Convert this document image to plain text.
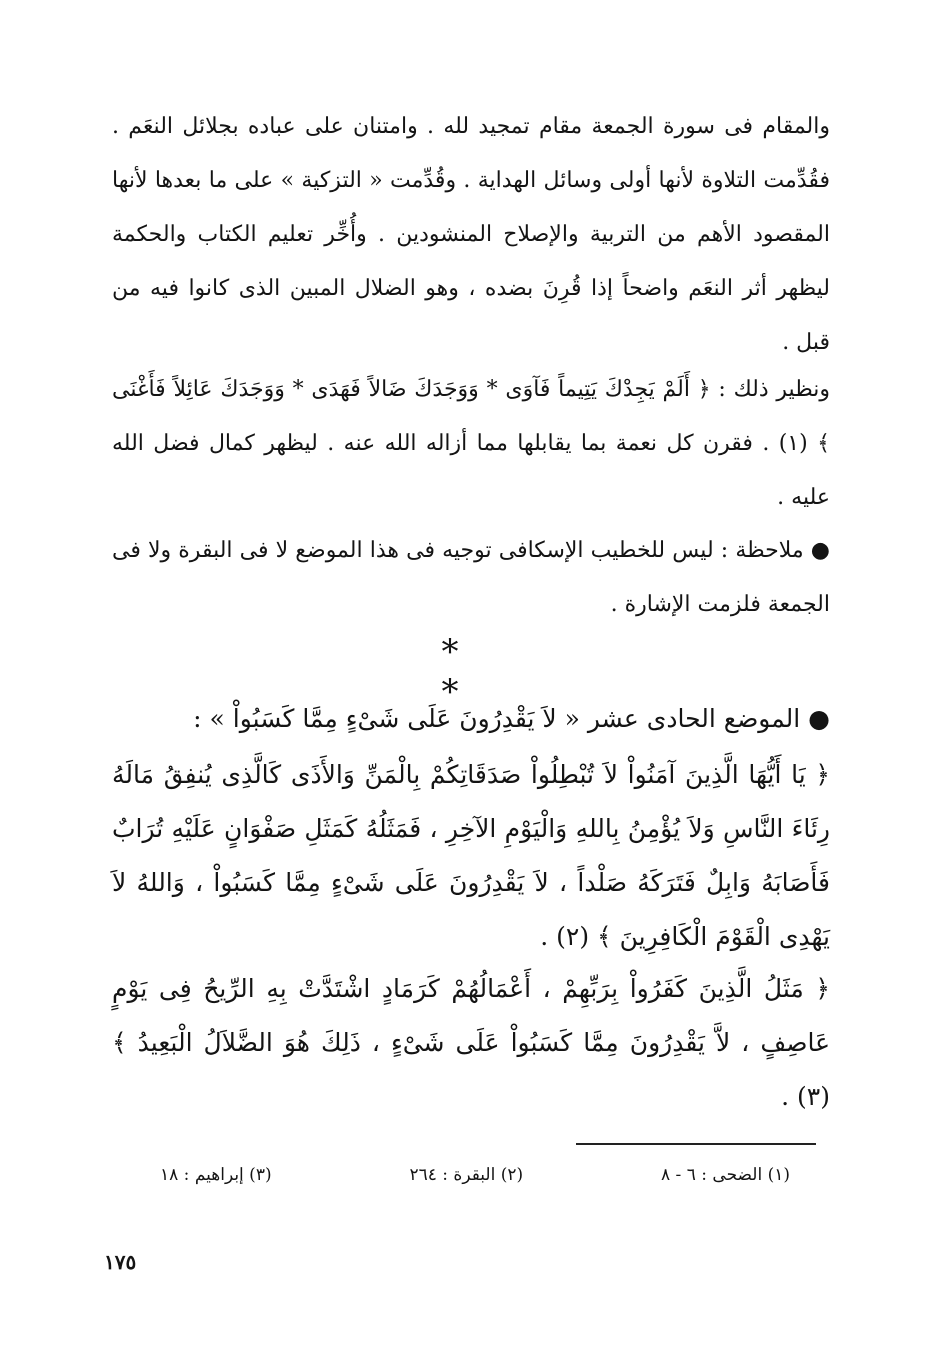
والمقام فى سورة الجمعة مقام تمجيد لله . وامتنان على عباده بجلائل النعَم . فقُدِّمت التلاوة لأنها أولى وسائل الهداية . وقُدِّمت « التزكية » على ما بعدها لأنها المقصود الأهم من التربية والإصلاح المنشودين . وأُخِّر تعليم الكتاب والحكمة ليظهر أثر النعَم واضحاً إذا قُرِنَ بضده ، وهو الضلال المبين الذى كانوا فيه من قبل .
ونظير ذلك : ﴿ أَلَمْ يَجِدْكَ يَتِيماً فَآوَى * وَوَجَدَكَ ضَالاً فَهَدَى * وَوَجَدَكَ عَائِلاً فَأَغْنَى ﴾ (١) . فقرن كل نعمة بما يقابلها مما أزاله الله عنه . ليظهر كمال فضل الله عليه .
● ملاحظة : ليس للخطيب الإسكافى توجيه فى هذا الموضع لا فى البقرة ولا فى الجمعة فلزمت الإشارة .
* *
● الموضع الحادى عشر « لاَ يَقْدِرُونَ عَلَى شَىْءٍ مِمَّا كَسَبُواْ » :
﴿ يَا أَيُّهَا الَّذِينَ آمَنُواْ لاَ تُبْطِلُواْ صَدَقَاتِكُمْ بِالْمَنِّ وَالأَذَى كَالَّذِى يُنفِقُ مَالَهُ رِئَاءَ النَّاسِ وَلاَ يُؤْمِنُ بِاللهِ وَالْيَوْمِ الآخِرِ ، فَمَثَلُهُ كَمَثَلِ صَفْوَانٍ عَلَيْهِ تُرَابٌ فَأَصَابَهُ وَابِلٌ فَتَرَكَهُ صَلْداً ، لاَ يَقْدِرُونَ عَلَى شَىْءٍ مِمَّا كَسَبُواْ ، وَاللهُ لاَ يَهْدِى الْقَوْمَ الْكَافِرِينَ ﴾ (٢) .
﴿ مَثَلُ الَّذِينَ كَفَرُواْ بِرَبِّهِمْ ، أَعْمَالُهُمْ كَرَمَادٍ اشْتَدَّتْ بِهِ الرِّيحُ فِى يَوْمٍ عَاصِفٍ ، لاَّ يَقْدِرُونَ مِمَّا كَسَبُواْ عَلَى شَىْءٍ ، ذَلِكَ هُوَ الضَّلاَلُ الْبَعِيدُ ﴾ (٣) .
(١) الضحى : ٦ - ٨
(٢) البقرة : ٢٦٤
(٣) إبراهيم : ١٨
١٧٥
